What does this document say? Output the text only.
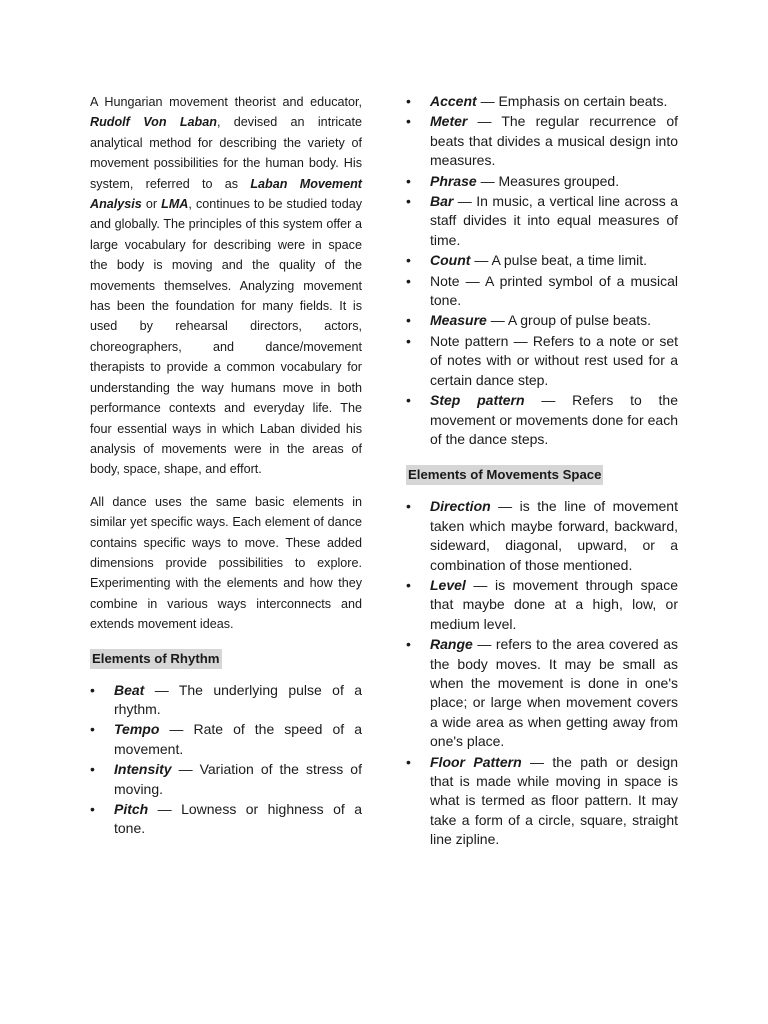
A Hungarian movement theorist and educator, Rudolf Von Laban, devised an intricate analytical method for describing the variety of movement possibilities for the human body. His system, referred to as Laban Movement Analysis or LMA, continues to be studied today and globally. The principles of this system offer a large vocabulary for describing were in space the body is moving and the quality of the movements themselves. Analyzing movement has been the foundation for many fields. It is used by rehearsal directors, actors, choreographers, and dance/movement therapists to provide a common vocabulary for understanding the way humans move in both performance contexts and everyday life. The four essential ways in which Laban divided his analysis of movements were in the areas of body, space, shape, and effort.

All dance uses the same basic elements in similar yet specific ways. Each element of dance contains specific ways to move. These added dimensions provide possibilities to explore. Experimenting with the elements and how they combine in various ways interconnects and extends movement ideas.

Elements of Rhythm
• Beat — The underlying pulse of a rhythm.
• Tempo — Rate of the speed of a movement.
• Intensity — Variation of the stress of moving.
• Pitch — Lowness or highness of a tone.
• Accent — Emphasis on certain beats.
• Meter — The regular recurrence of beats that divides a musical design into measures.
• Phrase — Measures grouped.
• Bar — In music, a vertical line across a staff divides it into equal measures of time.
• Count — A pulse beat, a time limit.
• Note — A printed symbol of a musical tone.
• Measure — A group of pulse beats.
• Note pattern — Refers to a note or set of notes with or without rest used for a certain dance step.
• Step pattern — Refers to the movement or movements done for each of the dance steps.
Elements of Movements Space
• Direction — is the line of movement taken which maybe forward, backward, sideward, diagonal, upward, or a combination of those mentioned.
• Level — is movement through space that maybe done at a high, low, or medium level.
• Range — refers to the area covered as the body moves. It may be small as when the movement is done in one's place; or large when movement covers a wide area as when getting away from one's place.
• Floor Pattern — the path or design that is made while moving in space is what is termed as floor pattern. It may take a form of a circle, square, straight line zipline.
